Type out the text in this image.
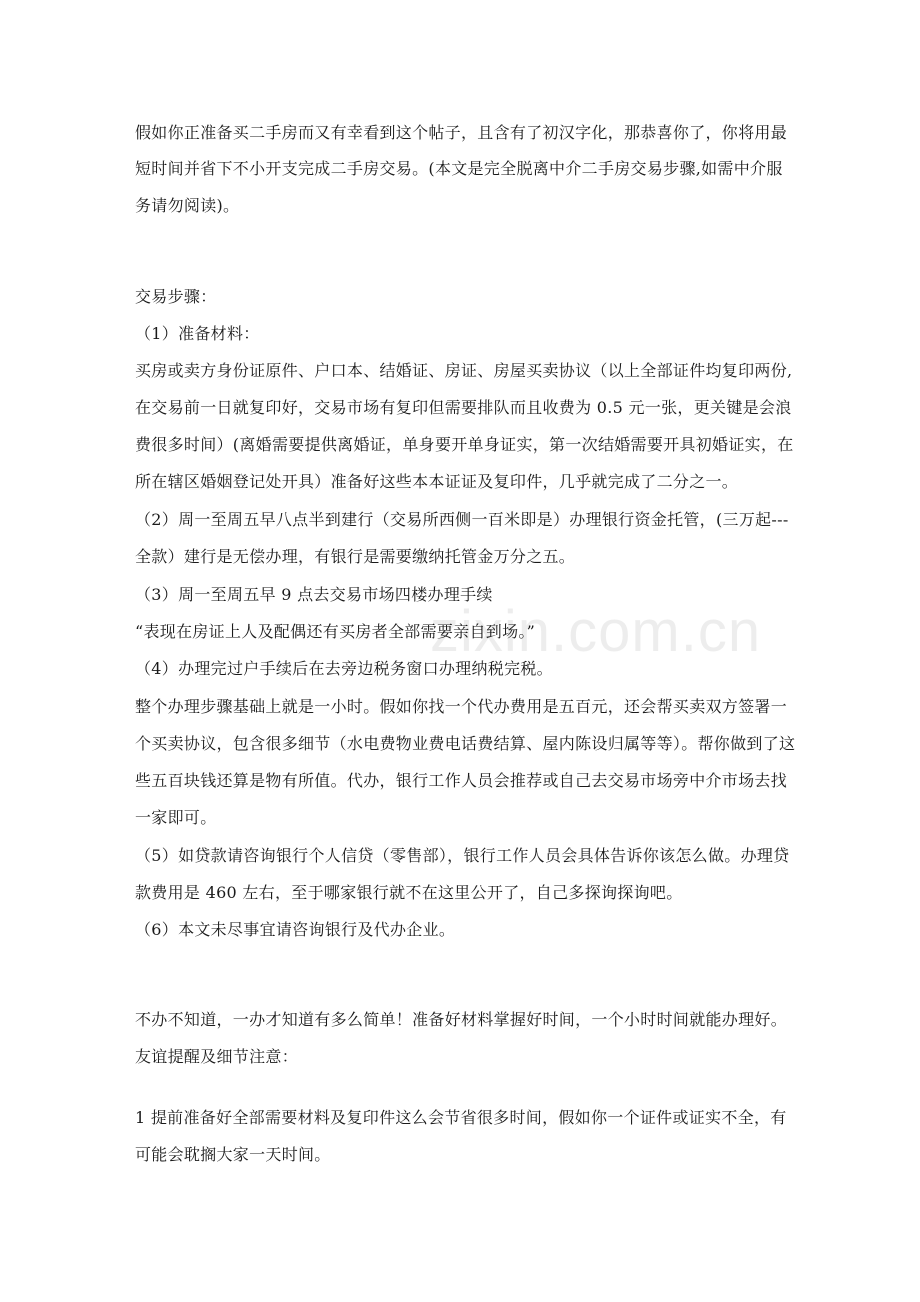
zixin.com.cn
假如你正准备买二手房而又有幸看到这个帖子，且含有了初汉字化，那恭喜你了，你将用最
短时间并省下不小开支完成二手房交易。(本文是完全脱离中介二手房交易步骤,如需中介服
务请勿阅读)。
交易步骤：
（1）准备材料：
买房或卖方身份证原件、户口本、结婚证、房证、房屋买卖协议（以上全部证件均复印两份,
在交易前一日就复印好，交易市场有复印但需要排队而且收费为 0.5 元一张，更关键是会浪
费很多时间）(离婚需要提供离婚证，单身要开单身证实，第一次结婚需要开具初婚证实，在
所在辖区婚姻登记处开具）准备好这些本本证证及复印件，几乎就完成了二分之一。
（2）周一至周五早八点半到建行（交易所西侧一百米即是）办理银行资金托管，(三万起---
全款）建行是无偿办理，有银行是需要缴纳托管金万分之五。
（3）周一至周五早 9 点去交易市场四楼办理手续
“表现在房证上人及配偶还有买房者全部需要亲自到场。”
（4）办理完过户手续后在去旁边税务窗口办理纳税完税。
整个办理步骤基础上就是一小时。假如你找一个代办费用是五百元，还会帮买卖双方签署一
个买卖协议，包含很多细节（水电费物业费电话费结算、屋内陈设归属等等）。帮你做到了这
些五百块钱还算是物有所值。代办，银行工作人员会推荐或自己去交易市场旁中介市场去找
一家即可。
（5）如贷款请咨询银行个人信贷（零售部），银行工作人员会具体告诉你该怎么做。办理贷
款费用是 460 左右，至于哪家银行就不在这里公开了，自己多探询探询吧。
（6）本文未尽事宜请咨询银行及代办企业。
不办不知道，一办才知道有多么简单！准备好材料掌握好时间，一个小时时间就能办理好。
友谊提醒及细节注意：
1 提前准备好全部需要材料及复印件这么会节省很多时间，假如你一个证件或证实不全，有
可能会耽搁大家一天时间。
